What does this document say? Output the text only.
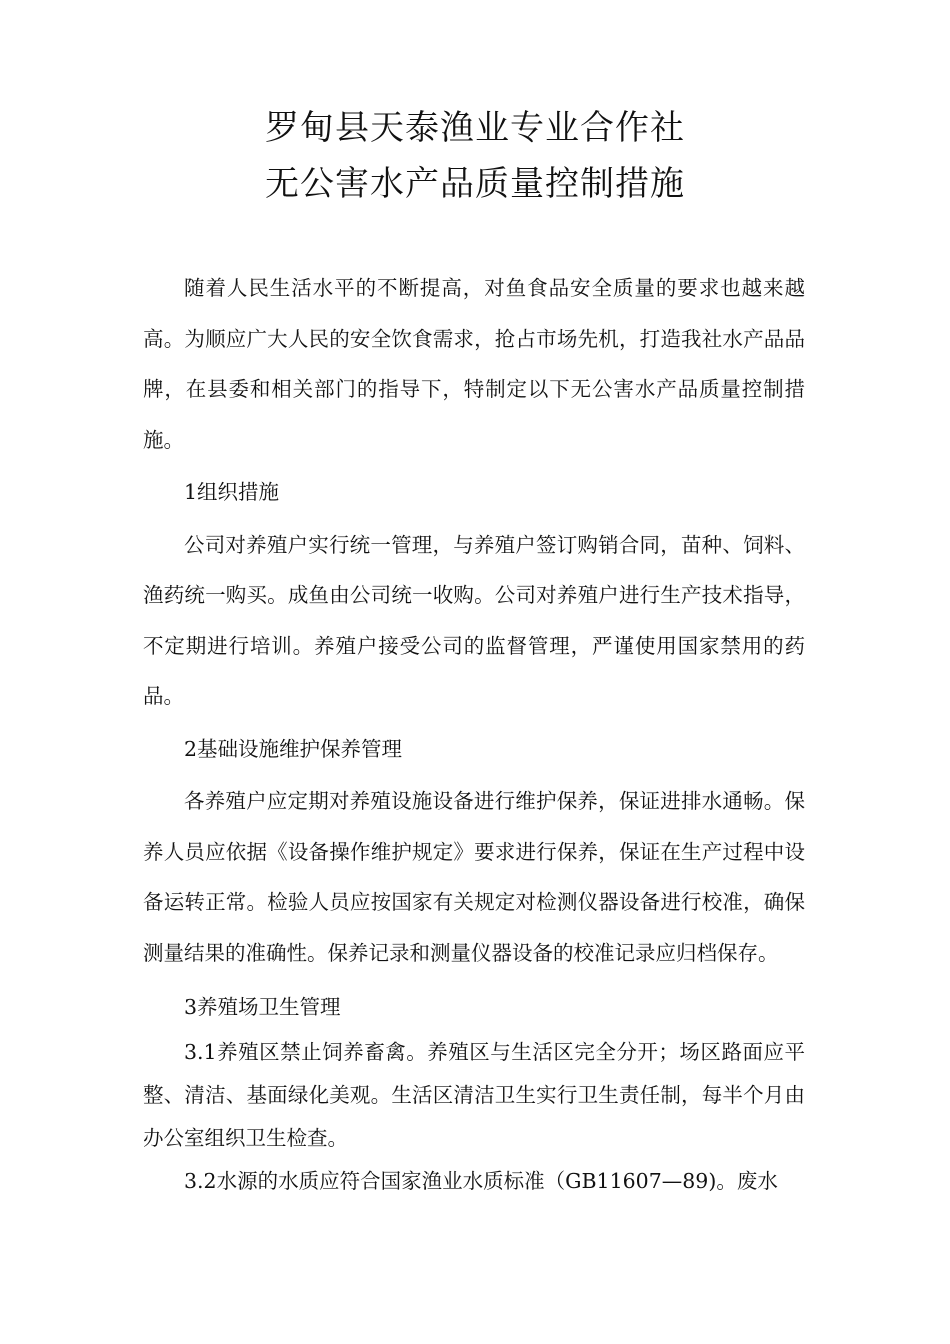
罗甸县天泰渔业专业合作社
无公害水产品质量控制措施

随着人民生活水平的不断提高，对鱼食品安全质量的要求也越来越高。为顺应广大人民的安全饮食需求，抢占市场先机，打造我社水产品品牌，在县委和相关部门的指导下，特制定以下无公害水产品质量控制措施。

1组织措施

公司对养殖户实行统一管理，与养殖户签订购销合同，苗种、饲料、渔药统一购买。成鱼由公司统一收购。公司对养殖户进行生产技术指导，不定期进行培训。养殖户接受公司的监督管理，严谨使用国家禁用的药品。

2基础设施维护保养管理

各养殖户应定期对养殖设施设备进行维护保养，保证进排水通畅。保养人员应依据《设备操作维护规定》要求进行保养，保证在生产过程中设备运转正常。检验人员应按国家有关规定对检测仪器设备进行校准，确保测量结果的准确性。保养记录和测量仪器设备的校准记录应归档保存。

3养殖场卫生管理

3.1养殖区禁止饲养畜禽。养殖区与生活区完全分开；场区路面应平整、清洁、基面绿化美观。生活区清洁卫生实行卫生责任制，每半个月由办公室组织卫生检查。

3.2水源的水质应符合国家渔业水质标准（GB11607—89)。废水
